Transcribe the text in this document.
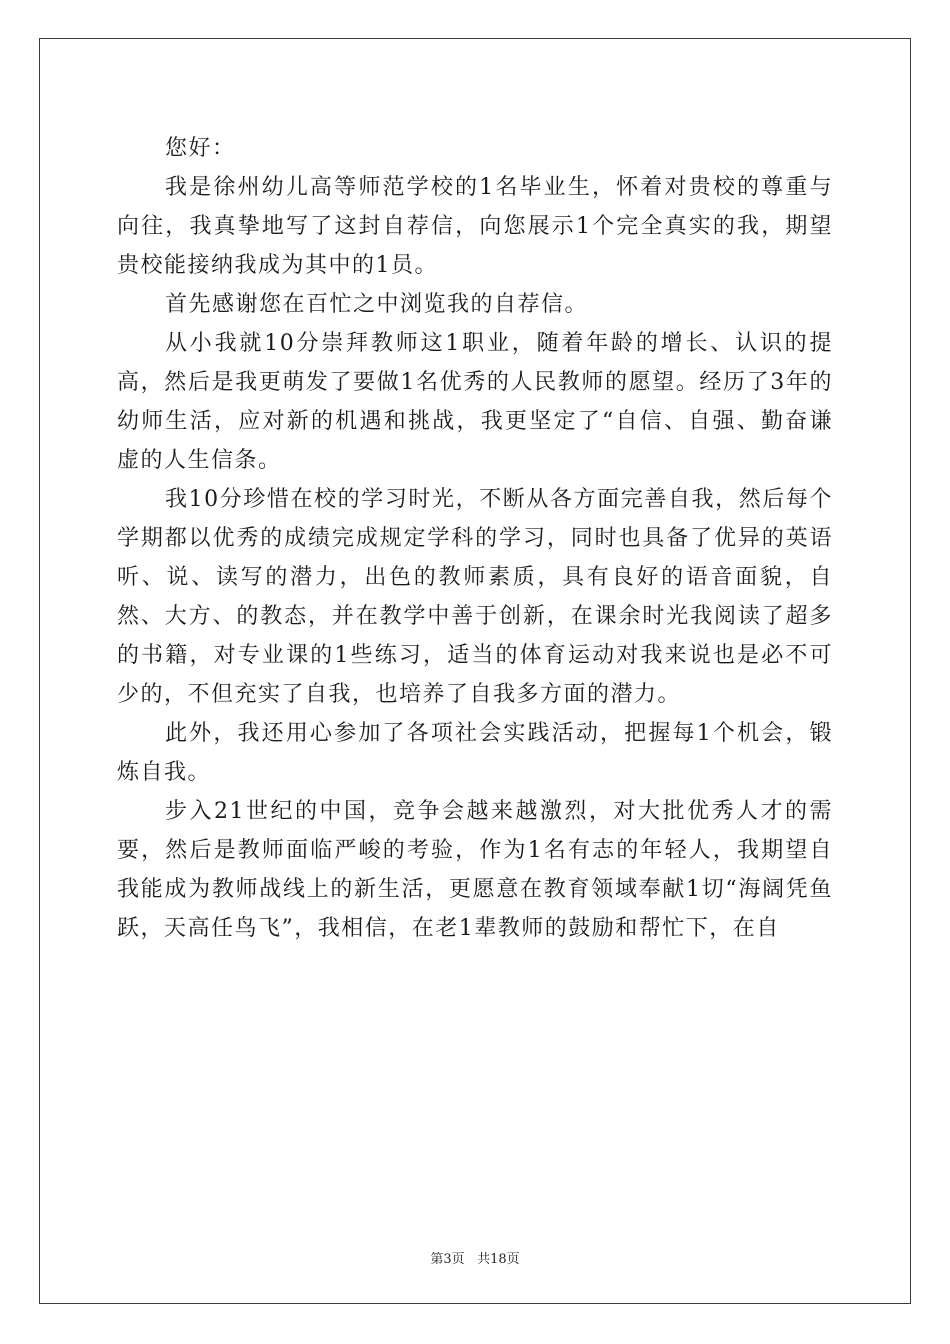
您好：

我是徐州幼儿高等师范学校的1名毕业生，怀着对贵校的尊重与向往，我真挚地写了这封自荐信，向您展示1个完全真实的我，期望贵校能接纳我成为其中的1员。

首先感谢您在百忙之中浏览我的自荐信。

从小我就10分崇拜教师这1职业，随着年龄的增长、认识的提高，然后是我更萌发了要做1名优秀的人民教师的愿望。经历了3年的幼师生活，应对新的机遇和挑战，我更坚定了“自信、自强、勤奋谦虚的人生信条。

我10分珍惜在校的学习时光，不断从各方面完善自我，然后每个学期都以优秀的成绩完成规定学科的学习，同时也具备了优异的英语听、说、读写的潜力，出色的教师素质，具有良好的语音面貌，自然、大方、的教态，并在教学中善于创新，在课余时光我阅读了超多的书籍，对专业课的1些练习，适当的体育运动对我来说也是必不可少的，不但充实了自我，也培养了自我多方面的潜力。

此外，我还用心参加了各项社会实践活动，把握每1个机会，锻炼自我。

步入21世纪的中国，竞争会越来越激烈，对大批优秀人才的需要，然后是教师面临严峻的考验，作为1名有志的年轻人，我期望自我能成为教师战线上的新生活，更愿意在教育领域奉献1切“海阔凭鱼跃，天高任鸟飞”，我相信，在老1辈教师的鼓励和帮忙下，在自

第3页 共18页
